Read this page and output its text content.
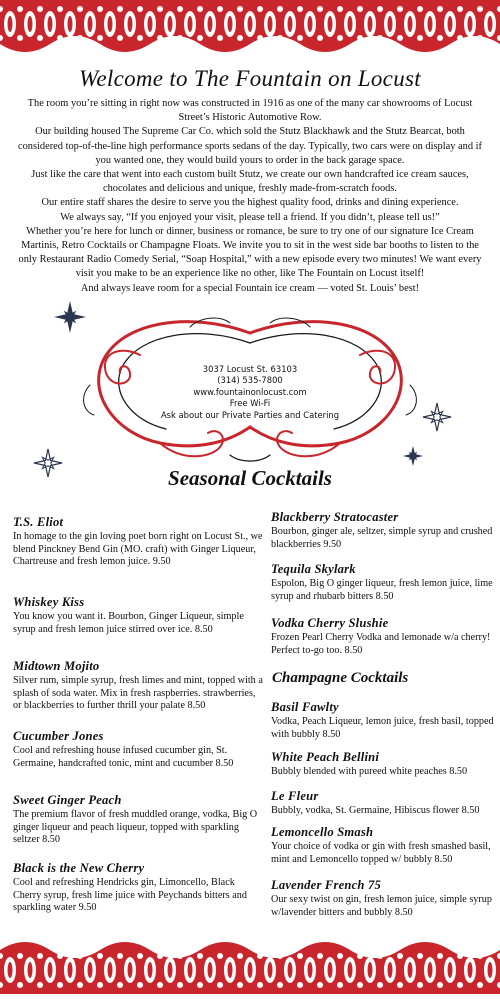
Welcome to The Fountain on Locust

The room you’re sitting in right now was constructed in 1916 as one of the many car showrooms of Locust Street’s Historic Automotive Row.

Our building housed The Supreme Car Co. which sold the Stutz Blackhawk and the Stutz Bearcat, both considered top-of-the-line high performance sports sedans of the day. Typically, two cars were on display and if you wanted one, they would build yours to order in the back garage space.

Just like the care that went into each custom built Stutz, we create our own handcrafted ice cream sauces, chocolates and delicious and unique, freshly made-from-scratch foods.

Our entire staff shares the desire to serve you the highest quality food, drinks and dining experience.

We always say, “If you enjoyed your visit, please tell a friend. If you didn’t, please tell us!”

Whether you’re here for lunch or dinner, business or romance, be sure to try one of our signature Ice Cream Martinis, Retro Cocktails or Champagne Floats. We invite you to sit in the west side bar booths to listen to the only Restaurant Radio Comedy Serial, “Soap Hospital,” with a new episode every two minutes! We want every visit you make to be an experience like no other, like The Fountain on Locust itself!

And always leave room for a special Fountain ice cream — voted St. Louis’ best!

3037 Locust St. 63103
(314) 535-7800
www.fountainonlocust.com
Free Wi-Fi
Ask about our Private Parties and Catering
Seasonal Cocktails
T.S. Eliot
In homage to the gin loving poet born right on Locust St., we blend Pinckney Bend Gin (MO. craft) with Ginger Liqueur, Chartreuse and fresh lemon juice. 9.50
Whiskey Kiss
You know you want it. Bourbon, Ginger Liqueur, simple syrup and fresh lemon juice stirred over ice. 8.50
Midtown Mojito
Silver rum, simple syrup, fresh limes and mint, topped with a splash of soda water. Mix in fresh raspberries. strawberries, or blackberries to further thrill your palate 8.50
Cucumber Jones
Cool and refreshing house infused cucumber gin, St. Germaine, handcrafted tonic, mint and cucumber 8.50
Sweet Ginger Peach
The premium flavor of fresh muddled orange, vodka, Big O ginger liqueur and peach liqueur, topped with sparkling seltzer 8.50
Black is the New Cherry
Cool and refreshing Hendricks gin, Limoncello, Black Cherry syrup, fresh lime juice with Peychands bitters and sparkling water 9.50
Blackberry Stratocaster
Bourbon, ginger ale, seltzer, simple syrup and crushed blackberries 9.50
Tequila Skylark
Espolon, Big O ginger liqueur, fresh lemon juice, lime syrup and rhubarb bitters 8.50
Vodka Cherry Slushie
Frozen Pearl Cherry Vodka and lemonade w/a cherry! Perfect to-go too. 8.50
Champagne Cocktails
Basil Fawlty
Vodka, Peach Liqueur, lemon juice, fresh basil, topped with bubbly 8.50
White Peach Bellini
Bubbly blended with pureed white peaches 8.50
Le Fleur
Bubbly, vodka, St. Germaine, Hibiscus flower 8.50
Lemoncello Smash
Your choice of vodka or gin with fresh smashed basil, mint and Lemoncello topped w/ bubbly 8.50
Lavender French 75
Our sexy twist on gin, fresh lemon juice, simple syrup w/lavender bitters and bubbly 8.50
